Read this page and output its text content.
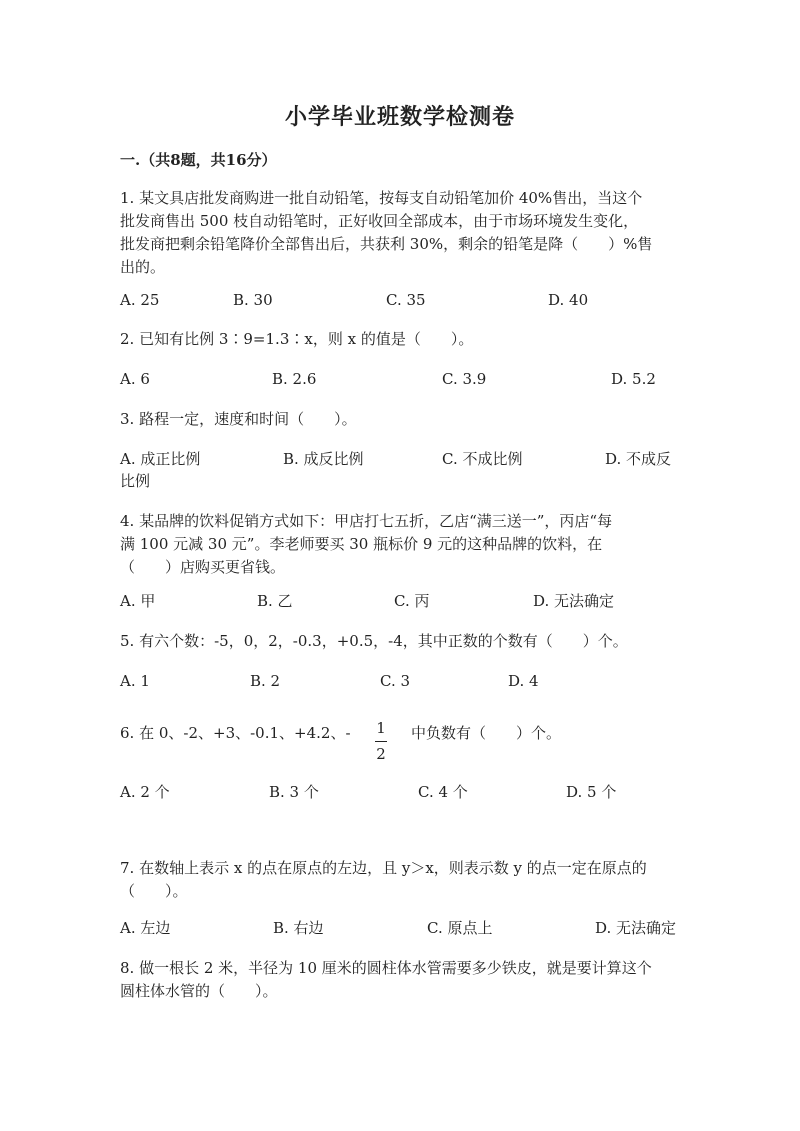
小学毕业班数学检测卷
一.（共8题，共16分）
1. 某文具店批发商购进一批自动铅笔，按每支自动铅笔加价 40%售出，当这个
批发商售出 500 枝自动铅笔时，正好收回全部成本，由于市场环境发生变化，
批发商把剩余铅笔降价全部售出后，共获利 30%，剩余的铅笔是降（　　）%售
出的。
A. 25	B. 30	C. 35	D. 40
2. 已知有比例 3∶9=1.3∶x，则 x 的值是（　　）。
A. 6	B. 2.6	C. 3.9	D. 5.2
3. 路程一定，速度和时间（　　）。
A. 成正比例	B. 成反比例	C. 不成比例	D. 不成反
比例
4. 某品牌的饮料促销方式如下：甲店打七五折，乙店“满三送一”，丙店“每
满 100 元减 30 元”。李老师要买 30 瓶标价 9 元的这种品牌的饮料，在
（　　）店购买更省钱。
A. 甲	B. 乙	C. 丙	D. 无法确定
5. 有六个数：-5，0，2，-0.3，+0.5，-4，其中正数的个数有（　　）个。
A. 1	B. 2	C. 3	D. 4
6. 在 0、-2、+3、-0.1、+4.2、- 1
2
中负数有（　　）个。
A. 2 个	B. 3 个	C. 4 个	D. 5 个
7. 在数轴上表示 x 的点在原点的左边，且 y＞x，则表示数 y 的点一定在原点的
（　　）。
A. 左边	B. 右边	C. 原点上	D. 无法确定
8. 做一根长 2 米，半径为 10 厘米的圆柱体水管需要多少铁皮，就是要计算这个
圆柱体水管的（　　）。
